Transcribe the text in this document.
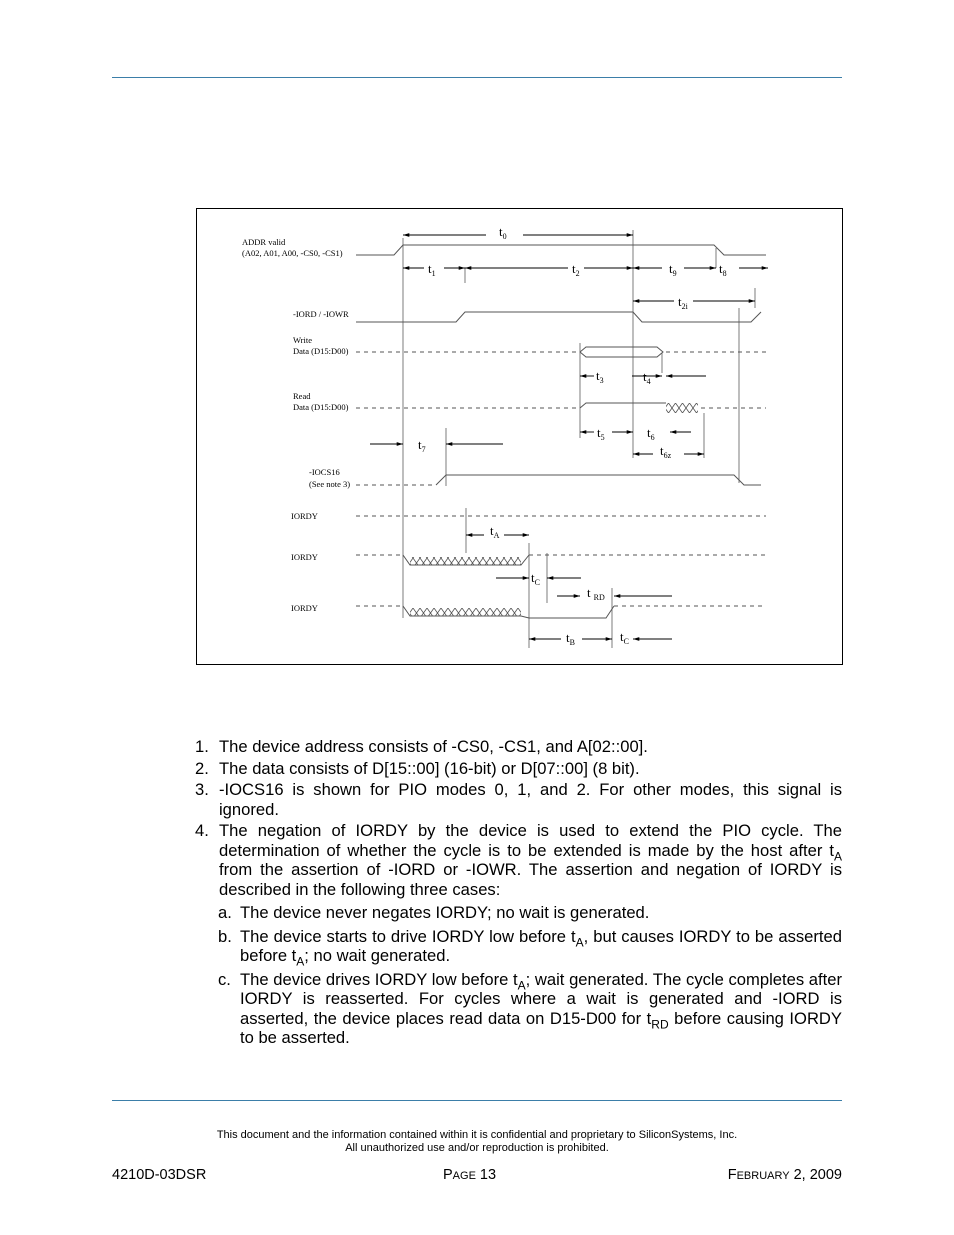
ADDR valid
(A02, A01, A00, -CS0, -CS1)
-IORD / -IOWR
Write
Data (D15:D00)
Read
Data (D15:D00)
-IOCS16
(See note 3)
IORDY
IORDY
IORDY
$t_0$
$t_1$	$t_2$	$t_9$	$t_8$
$t_{2i}$
$t_3$	$t_4$
$t_5$	$t_6$
$t_{6z}$
$t_7$
$t_A$
$t_C$
t $_{RD}$
$t_B$	$t_C$
1. The device address consists of -CS0, -CS1, and A[02::00].
2. The data consists of D[15::00] (16-bit) or D[07::00] (8 bit).
3. -IOCS16 is shown for PIO modes 0, 1, and 2. For other modes, this signal is ignored.
4. The negation of IORDY by the device is used to extend the PIO cycle. The determination of whether the cycle is to be extended is made by the host after $t_A$ from the assertion of -IORD or -IOWR. The assertion and negation of IORDY is described in the following three cases:
a. The device never negates IORDY; no wait is generated.
b. The device starts to drive IORDY low before $t_A$, but causes IORDY to be asserted before $t_A$; no wait generated.
c. The device drives IORDY low before $t_A$; wait generated. The cycle completes after IORDY is reasserted. For cycles where a wait is generated and -IORD is asserted, the device places read data on D15-D00 for $t_{RD}$ before causing IORDY to be asserted.
This document and the information contained within it is confidential and proprietary to SiliconSystems, Inc.
All unauthorized use and/or reproduction is prohibited.
4210D-03DSR	PAGE 13	FEBRUARY 2, 2009
